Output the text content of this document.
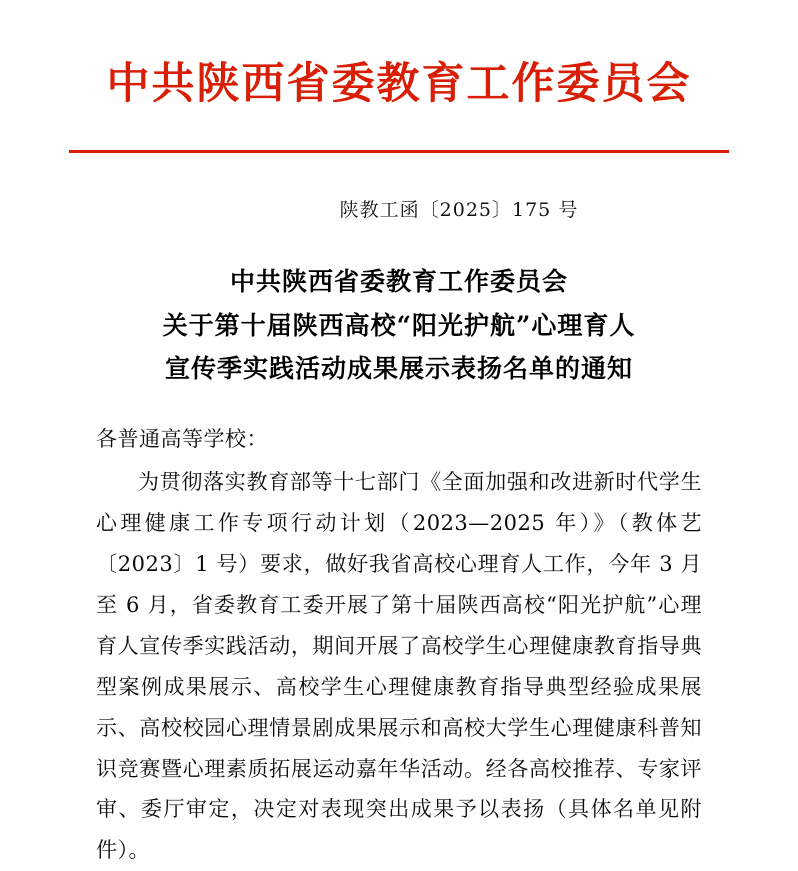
中共陕西省委教育工作委员会
陕教工函〔2025〕175 号
中共陕西省委教育工作委员会
关于第十届陕西高校“阳光护航”心理育人
宣传季实践活动成果展示表扬名单的通知
各普通高等学校：
为贯彻落实教育部等十七部门《全面加强和改进新时代学生心理健康工作专项行动计划（2023—2025 年）》（教体艺〔2023〕1 号）要求，做好我省高校心理育人工作，今年 3 月至 6 月，省委教育工委开展了第十届陕西高校“阳光护航”心理育人宣传季实践活动，期间开展了高校学生心理健康教育指导典型案例成果展示、高校学生心理健康教育指导典型经验成果展示、高校校园心理情景剧成果展示和高校大学生心理健康科普知识竞赛暨心理素质拓展运动嘉年华活动。经各高校推荐、专家评审、委厅审定，决定对表现突出成果予以表扬（具体名单见附件）。
